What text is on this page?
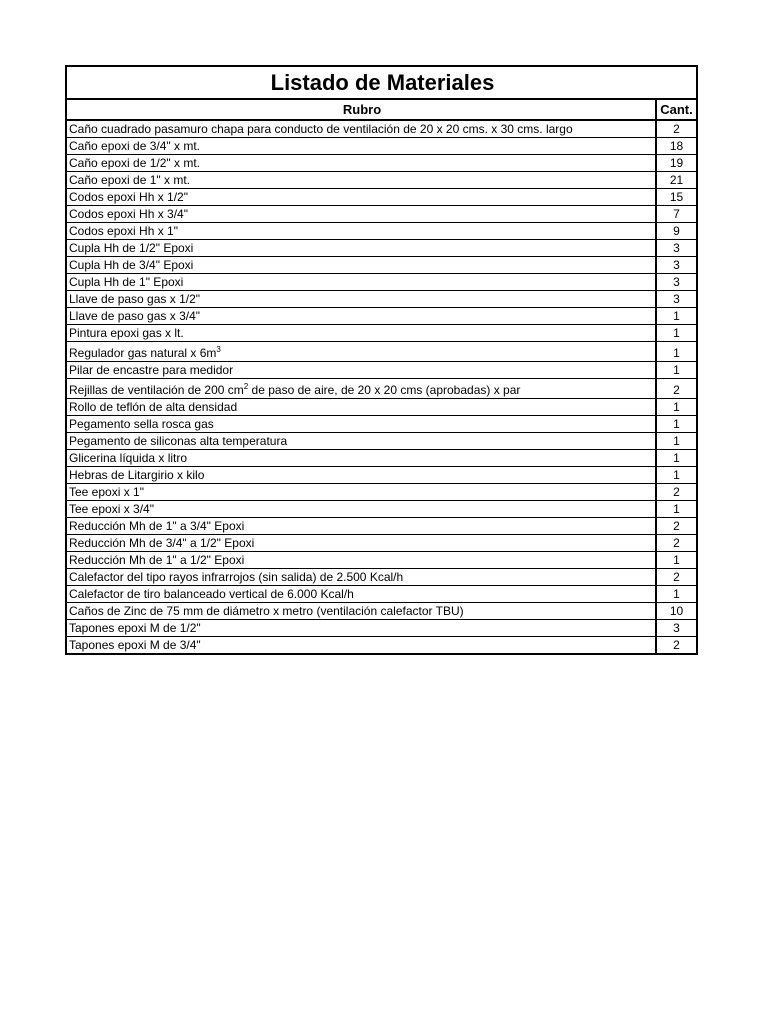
Listado de Materiales	
Rubro	Cant.
Caño cuadrado pasamuro chapa para conducto de ventilación de 20 x 20 cms. x 30 cms. largo	2
Caño epoxi de 3/4" x mt.	18
Caño epoxi de 1/2" x mt.	19
Caño epoxi de 1" x mt.	21
Codos epoxi Hh x 1/2"	15
Codos epoxi Hh x 3/4"	7
Codos epoxi Hh x 1"	9
Cupla Hh de 1/2" Epoxi	3
Cupla Hh de 3/4" Epoxi	3
Cupla Hh de 1" Epoxi	3
Llave de paso gas x 1/2"	3
Llave de paso gas x 3/4"	1
Pintura epoxi gas x lt.	1
Regulador gas natural x $6m^3$	1
Pilar de encastre para medidor	1
Rejillas de ventilación de 200 $cm^2$ de paso de aire, de 20 x 20 cms (aprobadas) x par	2
Rollo de teflón de alta densidad	1
Pegamento sella rosca gas	1
Pegamento de siliconas alta temperatura	1
Glicerina líquida x litro	1
Hebras de Litargirio x kilo	1
Tee epoxi x 1"	2
Tee epoxi x 3/4"	1
Reducción Mh de 1" a 3/4" Epoxi	2
Reducción Mh de 3/4" a 1/2" Epoxi	2
Reducción Mh de 1" a 1/2" Epoxi	1
Calefactor del tipo rayos infrarrojos (sin salida) de 2.500 Kcal/h	2
Calefactor de tiro balanceado vertical de 6.000 Kcal/h	1
Caños de Zinc de 75 mm de diámetro x metro (ventilación calefactor TBU)	10
Tapones epoxi M de 1/2"	3
Tapones epoxi M de 3/4"	2
